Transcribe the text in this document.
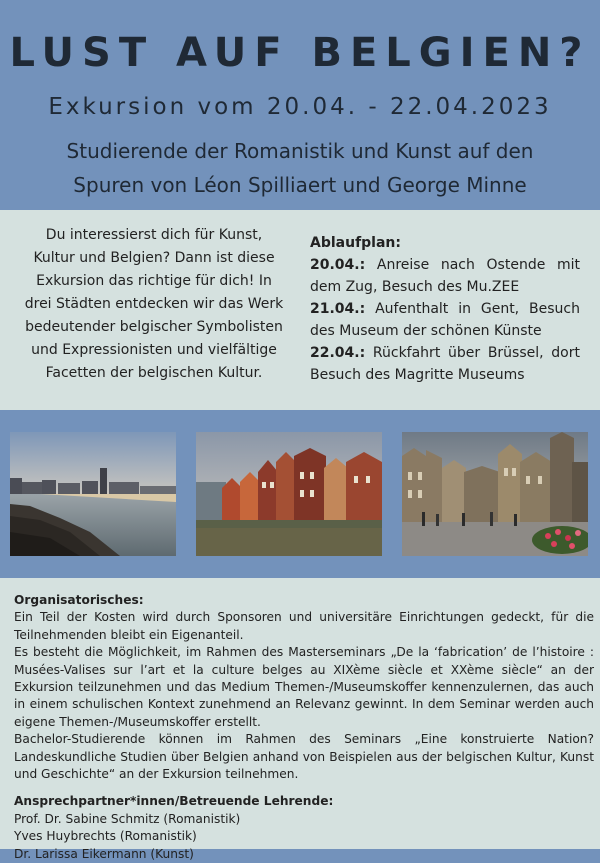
LUST AUF BELGIEN?
Exkursion vom 20.04. - 22.04.2023
Studierende der Romanistik und Kunst auf den
Spuren von Léon Spilliaert und George Minne
Du interessierst dich für Kunst, Kultur und Belgien? Dann ist diese Exkursion das richtige für dich! In drei Städten entdecken wir das Werk bedeutender belgischer Symbolisten und Expressionisten und vielfältige Facetten der belgischen Kultur.
Ablaufplan:
20.04.: Anreise nach Ostende mit dem Zug, Besuch des Mu.ZEE
21.04.: Aufenthalt in Gent, Besuch des Museum der schönen Künste
22.04.: Rückfahrt über Brüssel, dort Besuch des Magritte Museums

Organisatorisches:

Ein Teil der Kosten wird durch Sponsoren und universitäre Einrichtungen gedeckt, für die Teilnehmenden bleibt ein Eigenanteil.

Es besteht die Möglichkeit, im Rahmen des Masterseminars „De la ‘fabrication’ de l’histoire : Musées-Valises sur l’art et la culture belges au XIXème siècle et XXème siècle“ an der Exkursion teilzunehmen und das Medium Themen-/Museumskoffer kennenzulernen, das auch in einem schulischen Kontext zunehmend an Relevanz gewinnt. In dem Seminar werden auch eigene Themen-/Museumskoffer erstellt.

Bachelor-Studierende können im Rahmen des Seminars „Eine konstruierte Nation? Landeskundliche Studien über Belgien anhand von Beispielen aus der belgischen Kultur, Kunst und Geschichte“ an der Exkursion teilnehmen.

Ansprechpartner*innen/Betreuende Lehrende:

Prof. Dr. Sabine Schmitz (Romanistik)

Yves Huybrechts (Romanistik)

Dr. Larissa Eikermann (Kunst)
